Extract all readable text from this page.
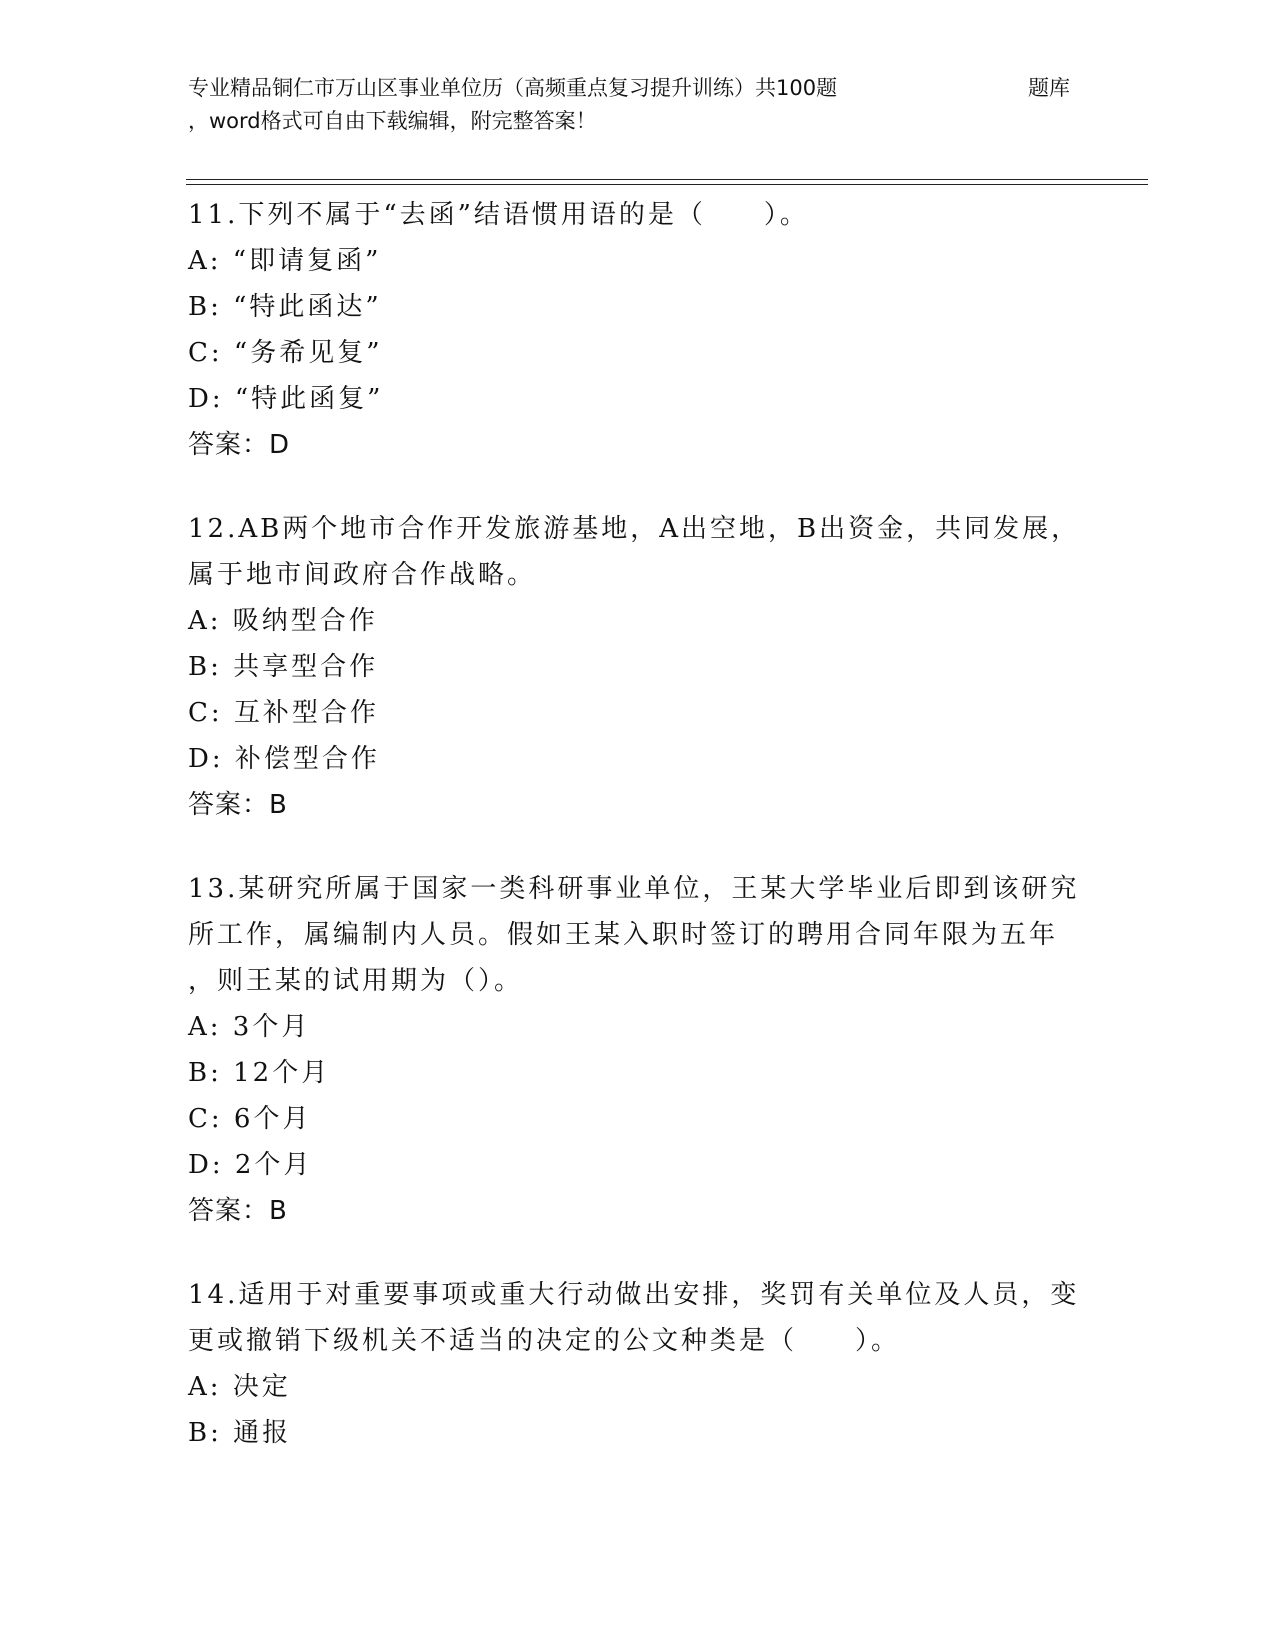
专业精品铜仁市万山区事业单位历（高频重点复习提升训练）共100题	题库
，word格式可自由下载编辑，附完整答案！
11.下列不属于“去函”结语惯用语的是（　　）。
A: “即请复函”
B: “特此函达”
C: “务希见复”
D: “特此函复”
答案：D
12.AB两个地市合作开发旅游基地，A出空地，B出资金，共同发展，
属于地市间政府合作战略。
A: 吸纳型合作
B: 共享型合作
C: 互补型合作
D: 补偿型合作
答案：B
13.某研究所属于国家一类科研事业单位，王某大学毕业后即到该研究
所工作，属编制内人员。假如王某入职时签订的聘用合同年限为五年
，则王某的试用期为（）。
A: 3个月
B: 12个月
C: 6个月
D: 2个月
答案：B
14.适用于对重要事项或重大行动做出安排，奖罚有关单位及人员，变
更或撤销下级机关不适当的决定的公文种类是（　　）。
A: 决定
B: 通报
